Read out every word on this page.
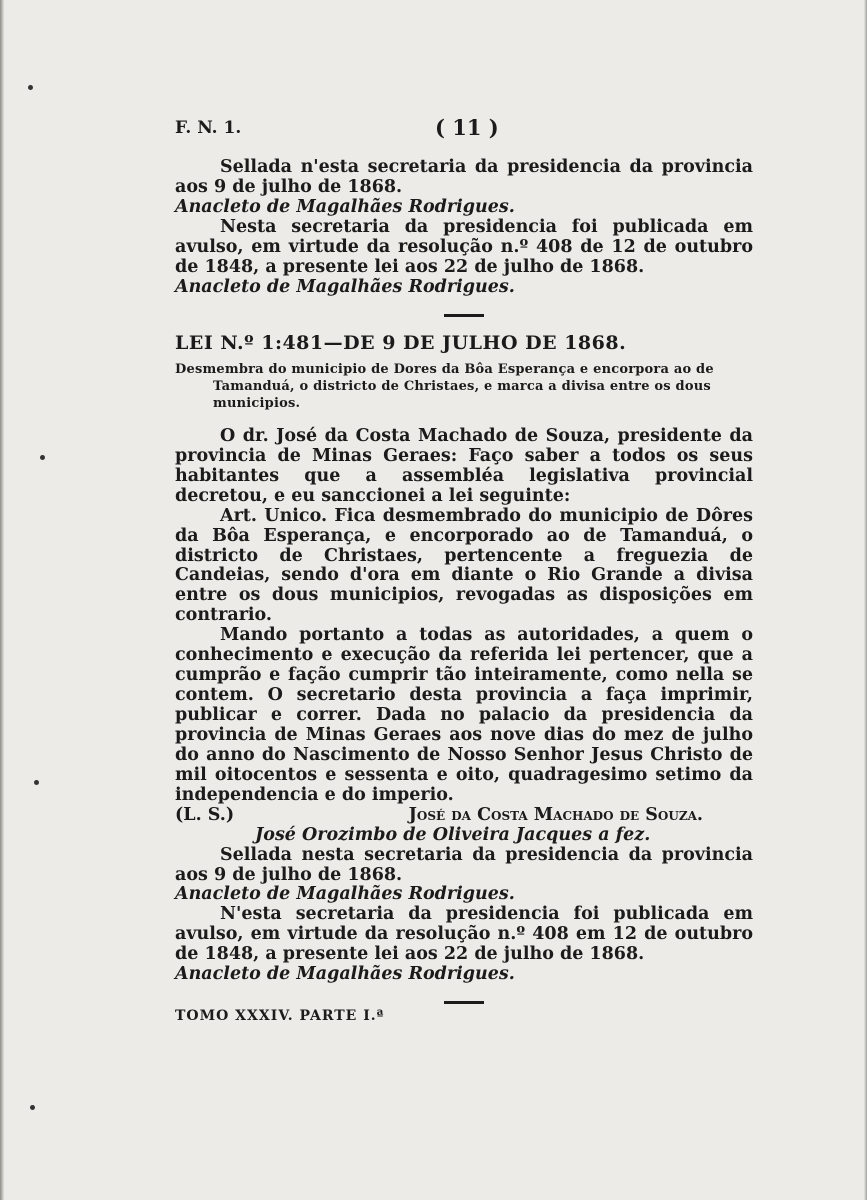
F. N. 1.	( 11 )

Sellada n'esta secretaria da presidencia da provincia aos 9 de julho de 1868.

Anacleto de Magalhães Rodrigues.

Nesta secretaria da presidencia foi publicada em avulso, em virtude da resolução n.º 408 de 12 de outubro de 1848, a presente lei aos 22 de julho de 1868.

Anacleto de Magalhães Rodrigues.

LEI N.º 1:481—DE 9 DE JULHO DE 1868.

Desmembra do municipio de Dores da Bôa Esperança e encorpora ao de
Tamanduá, o districto de Christaes, e marca a divisa entre os dous
municipios.

O dr. José da Costa Machado de Souza, presidente da provincia de Minas Geraes: Faço saber a todos os seus habitantes que a assembléa legislativa provincial decretou, e eu sanccionei a lei seguinte:

Art. Unico. Fica desmembrado do municipio de Dôres da Bôa Esperança, e encorporado ao de Tamanduá, o districto de Christaes, pertencente a freguezia de Candeias, sendo d'ora em diante o Rio Grande a divisa entre os dous municipios, revogadas as disposições em contrario.

Mando portanto a todas as autoridades, a quem o conhecimento e execução da referida lei pertencer, que a cumprão e fação cumprir tão inteiramente, como nella se contem. O secretario desta provincia a faça imprimir, publicar e correr. Dada no palacio da presidencia da provincia de Minas Geraes aos nove dias do mez de julho do anno do Nascimento de Nosso Senhor Jesus Christo de mil oitocentos e sessenta e oito, quadragesimo setimo da independencia e do imperio.

(L. S.)	José da Costa Machado de Souza.

José Orozimbo de Oliveira Jacques a fez.

Sellada nesta secretaria da presidencia da provincia aos 9 de julho de 1868.

Anacleto de Magalhães Rodrigues.

N'esta secretaria da presidencia foi publicada em avulso, em virtude da resolução n.º 408 em 12 de outubro de 1848, a presente lei aos 22 de julho de 1868.

Anacleto de Magalhães Rodrigues.

TOMO XXXIV. PARTE I.ª
